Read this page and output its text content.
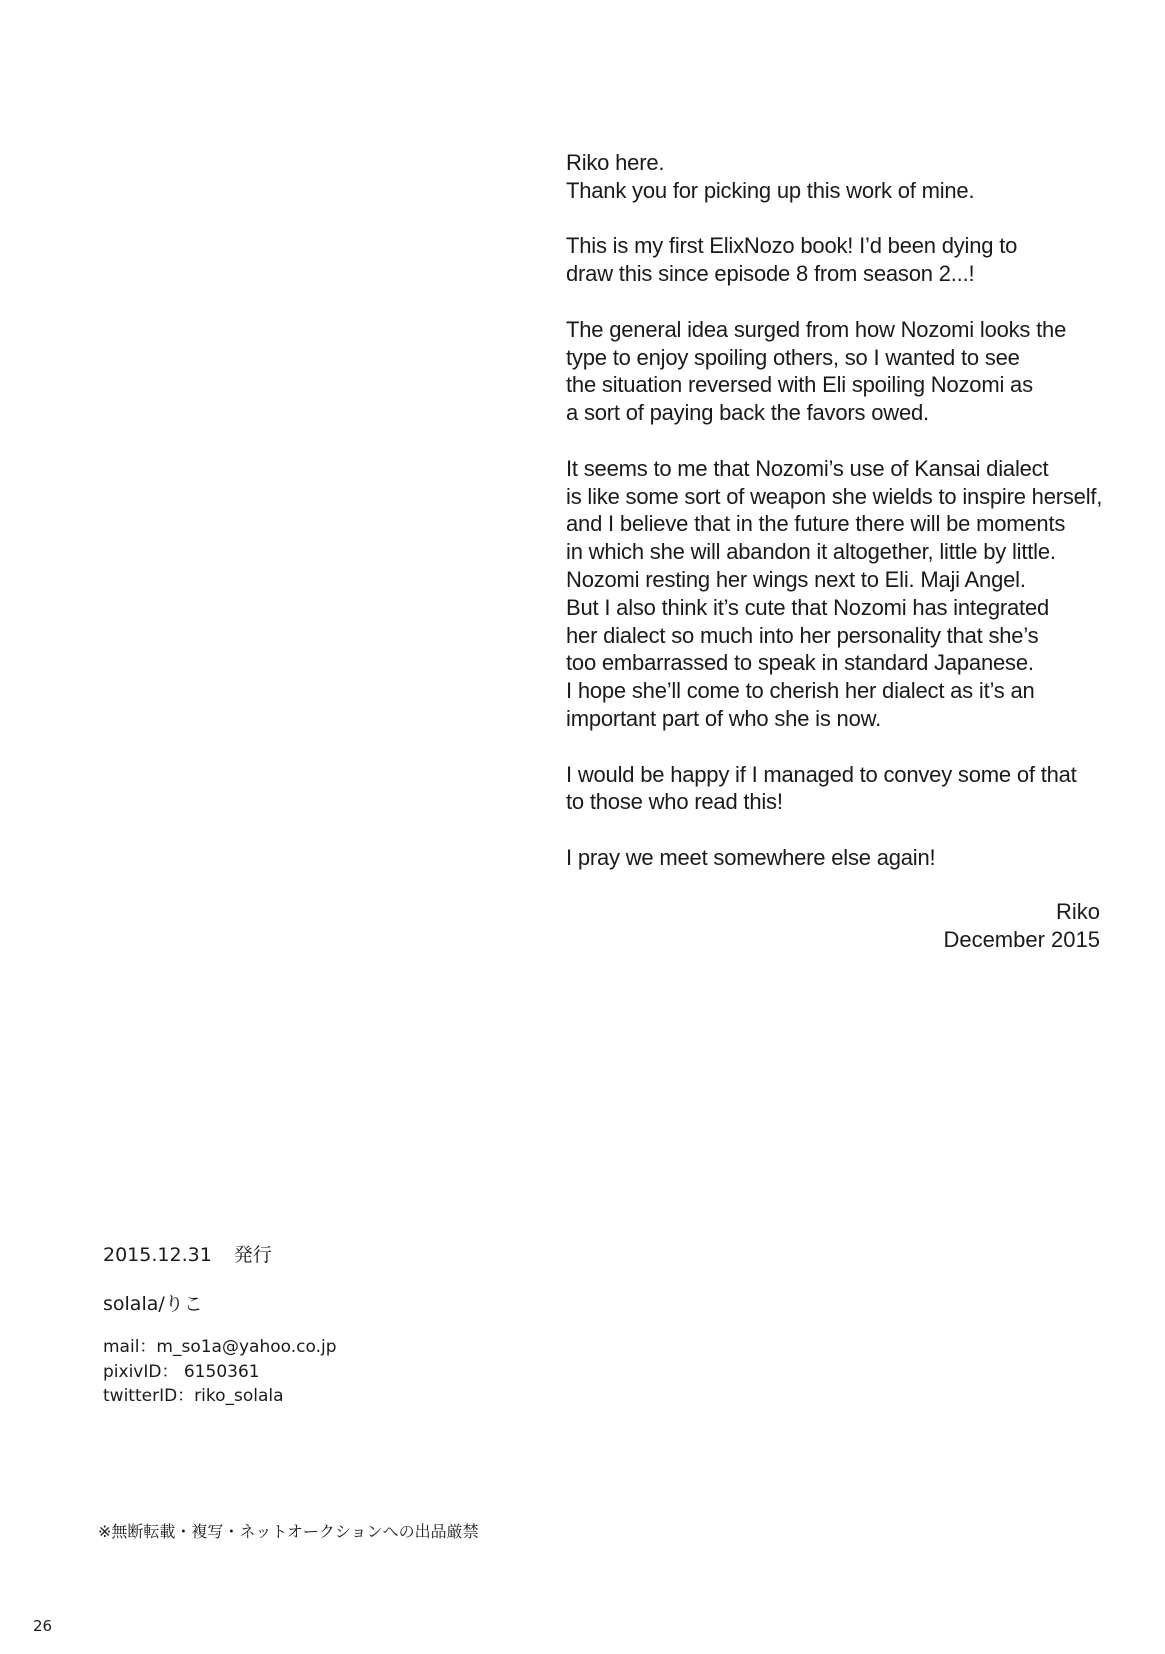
Riko here.
Thank you for picking up this work of mine.
This is my first ElixNozo book! I’d been dying to
draw this since episode 8 from season 2...!
The general idea surged from how Nozomi looks the
type to enjoy spoiling others, so I wanted to see
the situation reversed with Eli spoiling Nozomi as
a sort of paying back the favors owed.
It seems to me that Nozomi’s use of Kansai dialect
is like some sort of weapon she wields to inspire herself,
and I believe that in the future there will be moments
in which she will abandon it altogether, little by little.
Nozomi resting her wings next to Eli. Maji Angel.
But I also think it’s cute that Nozomi has integrated
her dialect so much into her personality that she’s
too embarrassed to speak in standard Japanese.
I hope she’ll come to cherish her dialect as it’s an
important part of who she is now.
I would be happy if I managed to convey some of that
to those who read this!
I pray we meet somewhere else again!
Riko
December 2015
2015.12.31 発行
solala/りこ
mail：m_so1a@yahoo.co.jp
pixivID： 6150361
twitterID：riko_solala
※無断転載・複写・ネットオークションへの出品厳禁
26
